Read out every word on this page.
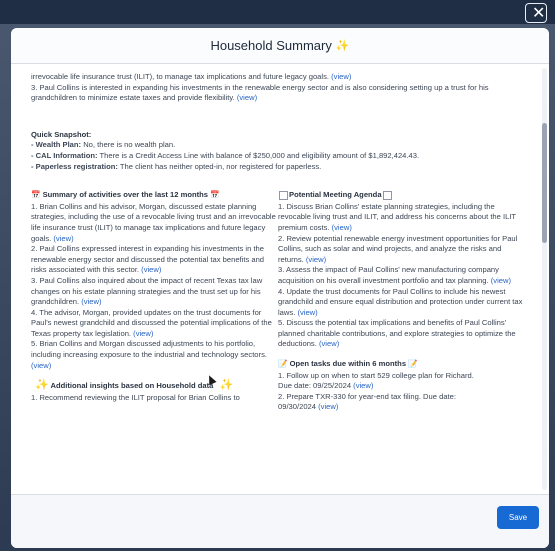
✕
Household Summary ✨

irrevocable life insurance trust (ILIT), to manage tax implications and future legacy goals. (view)

3. Paul Collins is interested in expanding his investments in the renewable energy sector and is also considering setting up a trust for his grandchildren to minimize estate taxes and provide flexibility. (view)

Quick Snapshot:

- Wealth Plan: No, there is no wealth plan.

- CAL Information: There is a Credit Access Line with balance of $250,000 and eligibility amount of $1,892,424.43.

- Paperless registration: The client has neither opted-in, nor registered for paperless.

📅 Summary of activities over the last 12 months 📅

1. Brian Collins and his advisor, Morgan, discussed estate planning strategies, including the use of a revocable living trust and an irrevocable life insurance trust (ILIT) to manage tax implications and future legacy goals. (view)

2. Paul Collins expressed interest in expanding his investments in the renewable energy sector and discussed the potential tax benefits and risks associated with this sector. (view)

3. Paul Collins also inquired about the impact of recent Texas tax law changes on his estate planning strategies and the trust set up for his grandchildren. (view)

4. The advisor, Morgan, provided updates on the trust documents for Paul's newest grandchild and discussed the potential implications of the Texas property tax legislation. (view)

5. Brian Collins and Morgan discussed adjustments to his portfolio, including increasing exposure to the industrial and technology sectors. (view)

✨ Additional insights based on Household data ✨

1. Recommend reviewing the ILIT proposal for Brian Collins to

Potential Meeting Agenda

1. Discuss Brian Collins' estate planning strategies, including the revocable living trust and ILIT, and address his concerns about the ILIT premium costs. (view)

2. Review potential renewable energy investment opportunities for Paul Collins, such as solar and wind projects, and analyze the risks and returns. (view)

3. Assess the impact of Paul Collins' new manufacturing company acquisition on his overall investment portfolio and tax planning. (view)

4. Update the trust documents for Paul Collins to include his newest grandchild and ensure equal distribution and protection under current tax laws. (view)

5. Discuss the potential tax implications and benefits of Paul Collins' planned charitable contributions, and explore strategies to optimize the deductions. (view)

📝 Open tasks due within 6 months 📝

1. Follow up on when to start 529 college plan for Richard.
Due date: 09/25/2024 (view)

2. Prepare TXR-330 for year-end tax filing. Due date:
09/30/2024 (view)

Save
